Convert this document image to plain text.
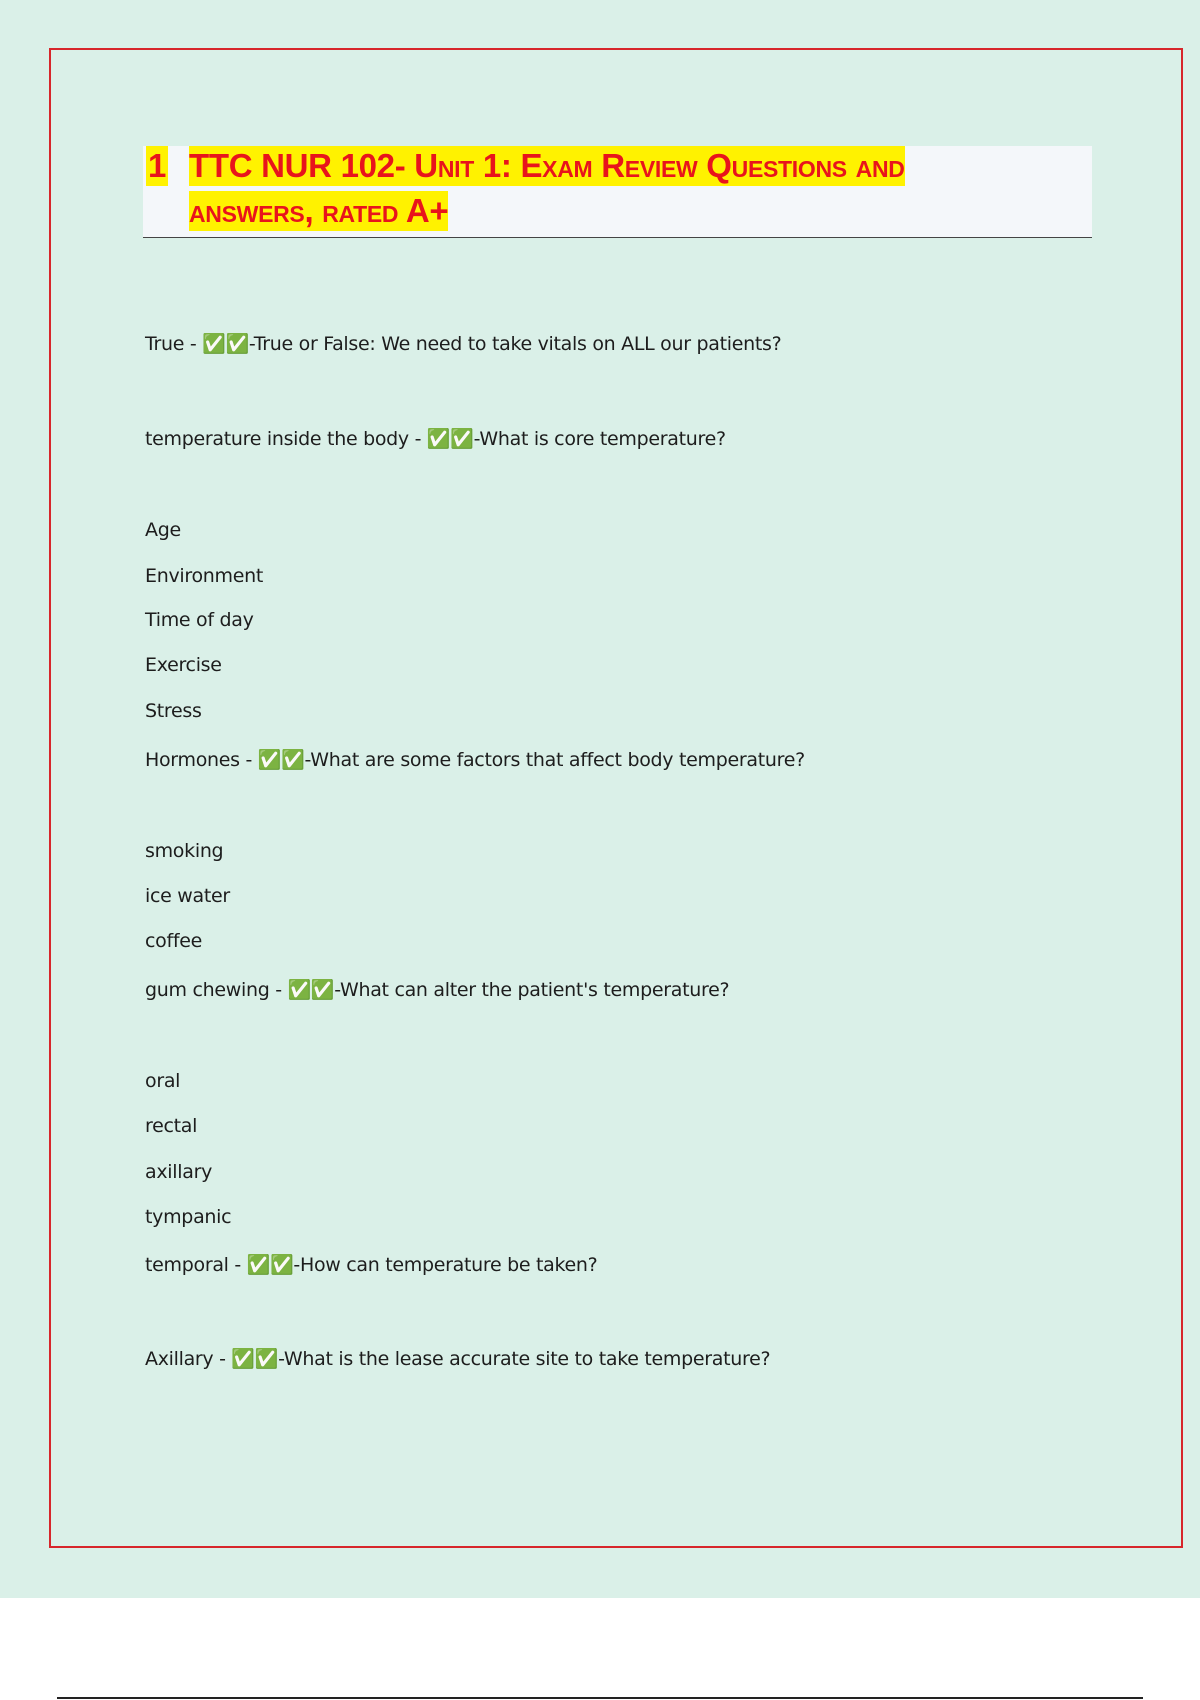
1 TTC NUR 102- Unit 1: Exam Review Questions and
answers, rated A+
True - ✅✅-True or False: We need to take vitals on ALL our patients?
temperature inside the body - ✅✅-What is core temperature?
Age
Environment
Time of day
Exercise
Stress
Hormones - ✅✅-What are some factors that affect body temperature?
smoking
ice water
coffee
gum chewing - ✅✅-What can alter the patient's temperature?
oral
rectal
axillary
tympanic
temporal - ✅✅-How can temperature be taken?
Axillary - ✅✅-What is the lease accurate site to take temperature?
